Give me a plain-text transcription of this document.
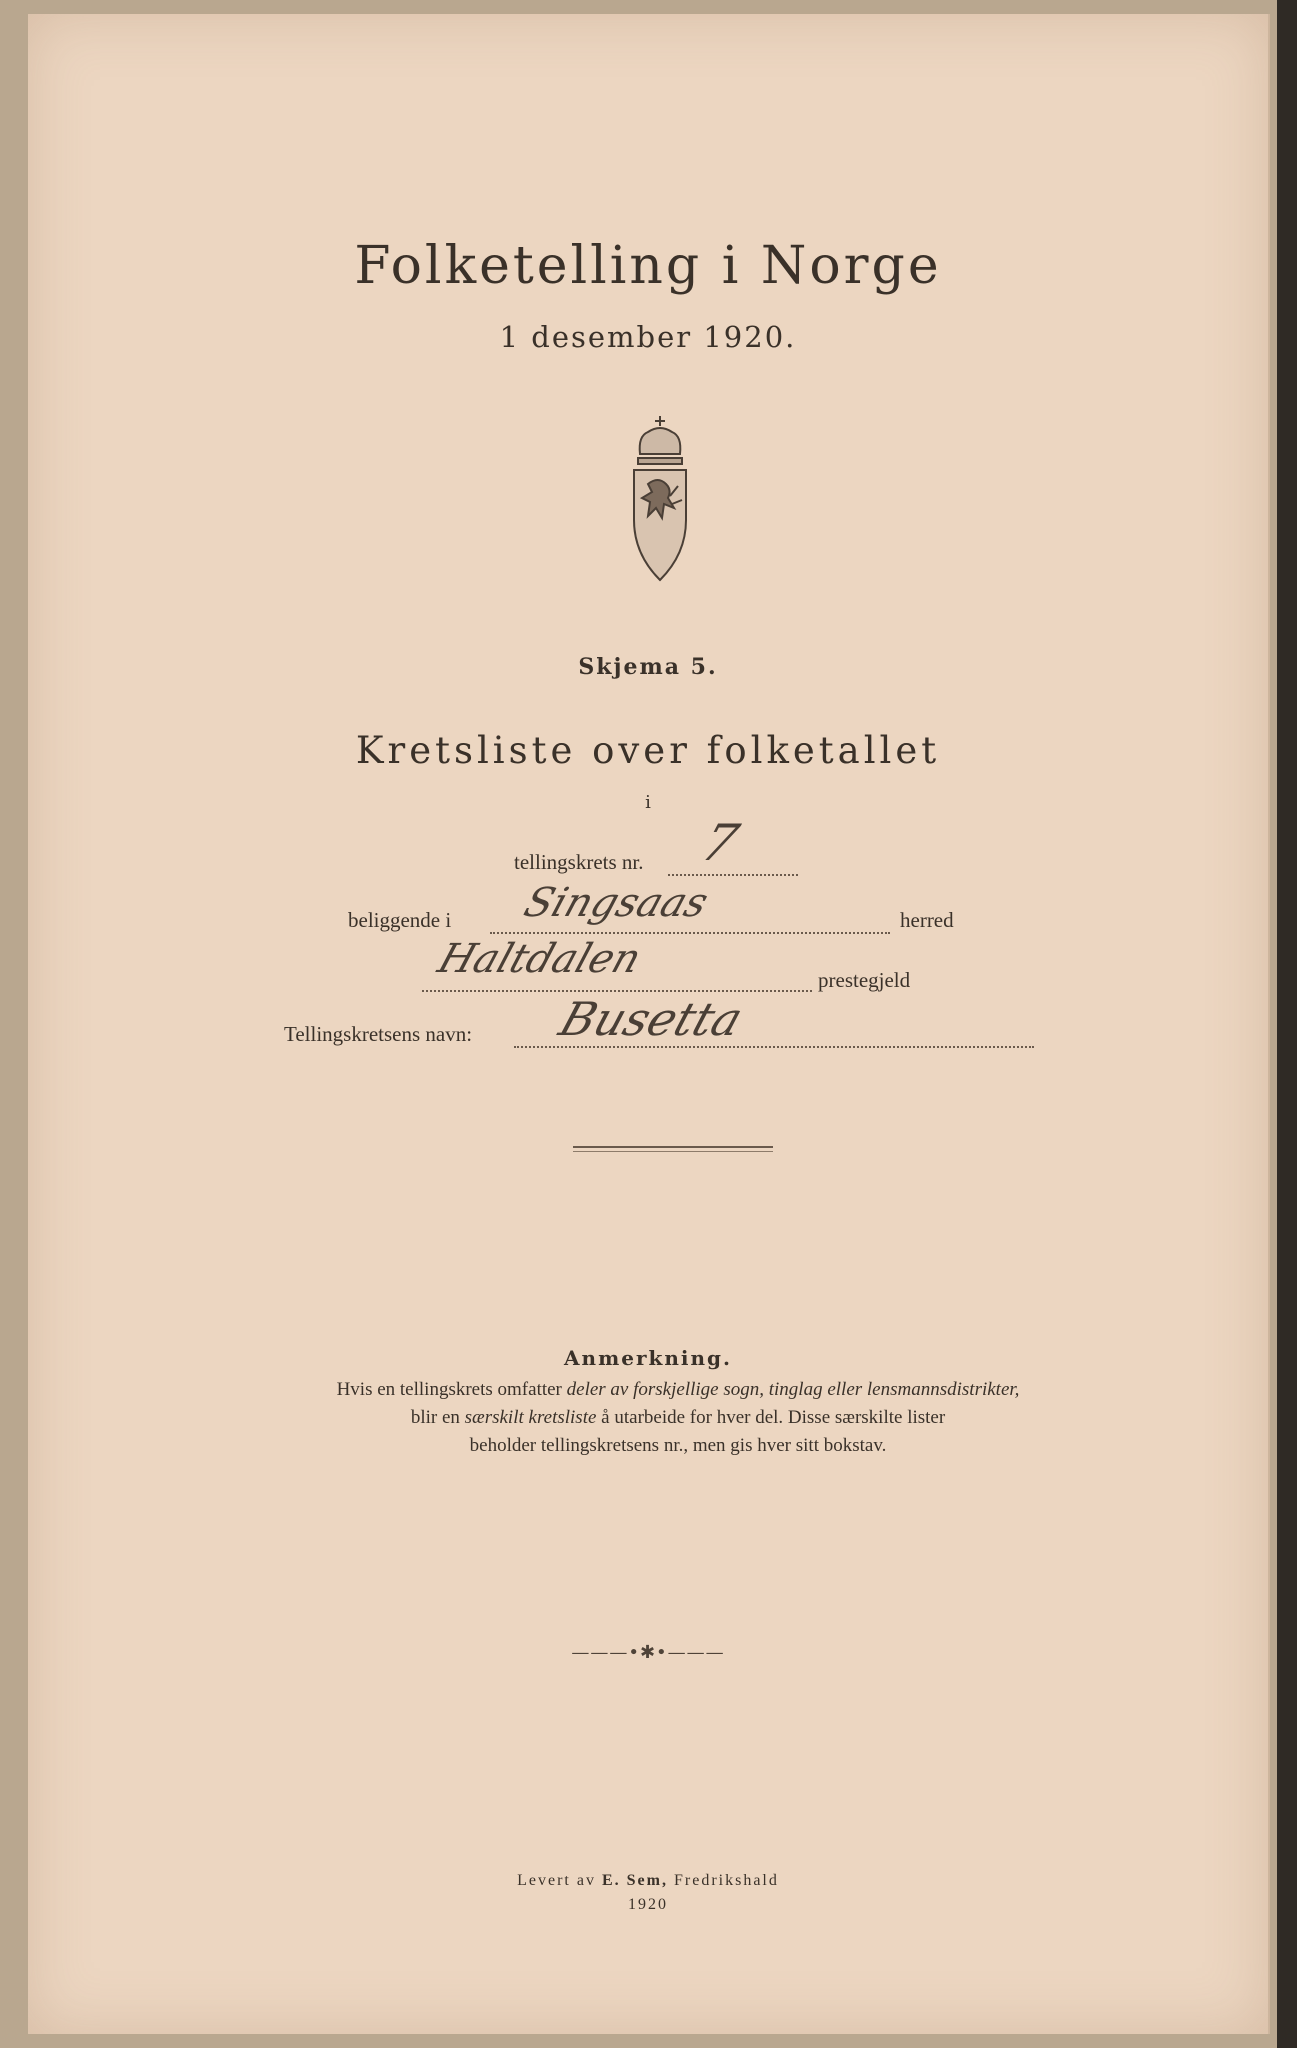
Folketelling i Norge
1 desember 1920.
Skjema 5.
Kretsliste over folketallet
i
tellingskrets nr. 7
beliggende i Singsaas	herred
Haltdalen	prestegjeld
Tellingskretsens navn: Busetta
Anmerkning.
Hvis en tellingskrets omfatter deler av forskjellige sogn, tinglag eller lensmannsdistrikter,
blir en særskilt kretsliste å utarbeide for hver del. Disse særskilte lister
beholder tellingskretsens nr., men gis hver sitt bokstav.
———•✱•———
Levert av E. Sem, Fredrikshald
1920
